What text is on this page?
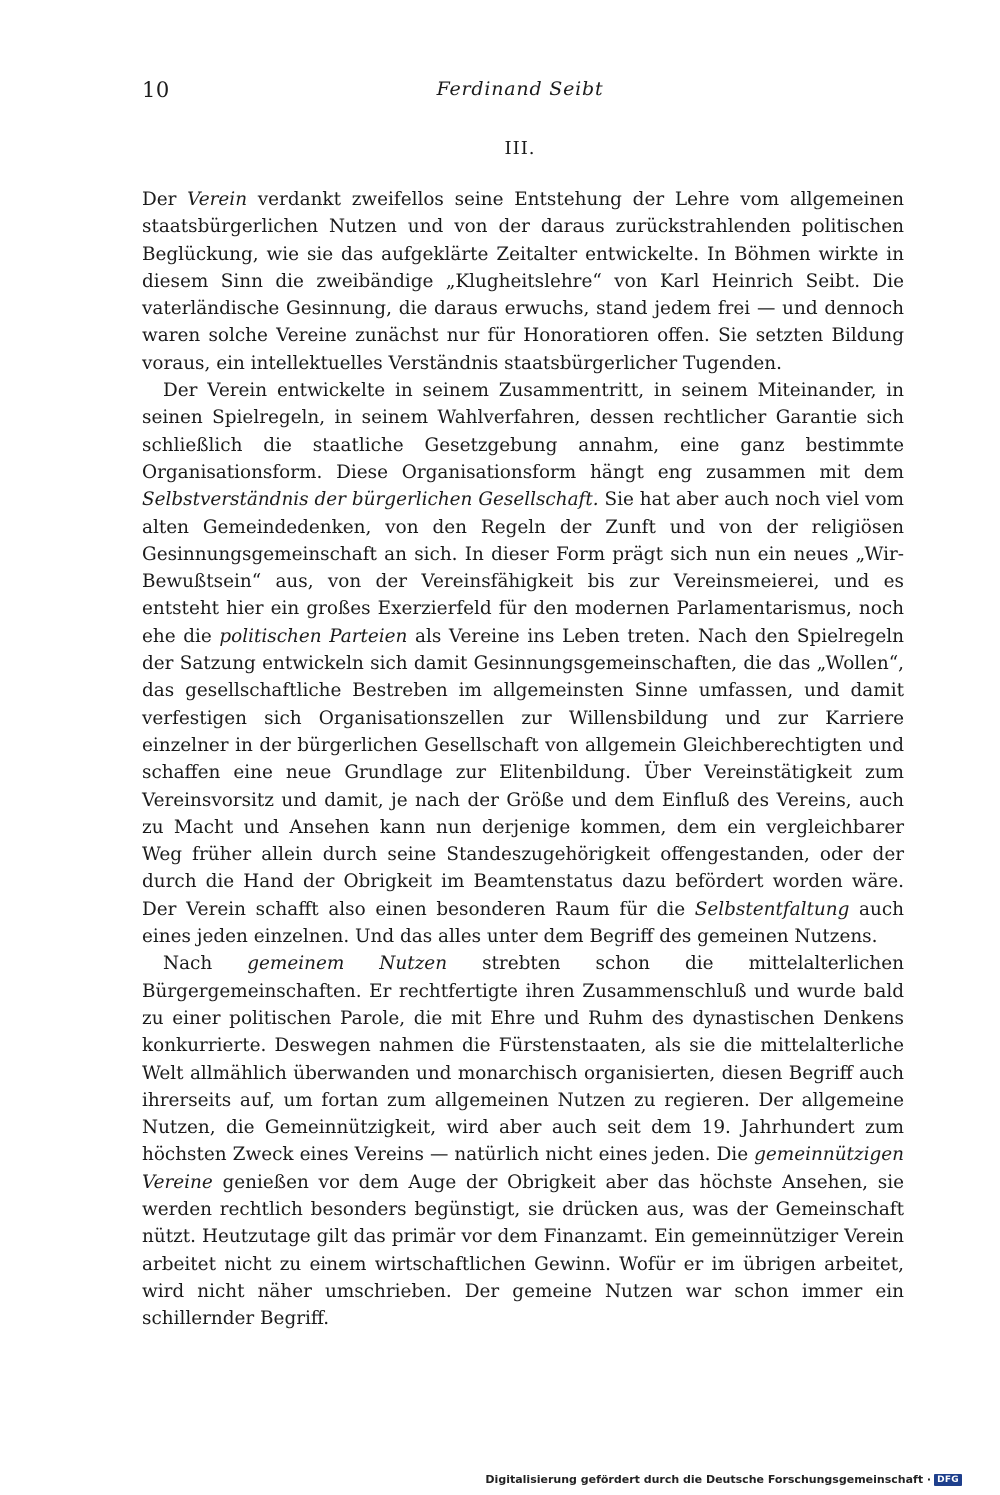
10	Ferdinand Seibt
III.

Der Verein verdankt zweifellos seine Entstehung der Lehre vom allgemeinen staatsbürgerlichen Nutzen und von der daraus zurückstrahlenden politischen Beglückung, wie sie das aufgeklärte Zeitalter entwickelte. In Böhmen wirkte in diesem Sinn die zweibändige „Klugheitslehre“ von Karl Heinrich Seibt. Die vaterländische Gesinnung, die daraus erwuchs, stand jedem frei — und dennoch waren solche Vereine zunächst nur für Honoratioren offen. Sie setzten Bildung voraus, ein intellektuelles Verständnis staatsbürgerlicher Tugenden.

Der Verein entwickelte in seinem Zusammentritt, in seinem Miteinander, in seinen Spielregeln, in seinem Wahlverfahren, dessen rechtlicher Garantie sich schließlich die staatliche Gesetzgebung annahm, eine ganz bestimmte Organisationsform. Diese Organisationsform hängt eng zusammen mit dem Selbstverständnis der bürgerlichen Gesellschaft. Sie hat aber auch noch viel vom alten Gemeindedenken, von den Regeln der Zunft und von der religiösen Gesinnungsgemeinschaft an sich. In dieser Form prägt sich nun ein neues „Wir-Bewußtsein“ aus, von der Vereinsfähigkeit bis zur Vereinsmeierei, und es entsteht hier ein großes Exerzierfeld für den modernen Parlamentarismus, noch ehe die politischen Parteien als Vereine ins Leben treten. Nach den Spielregeln der Satzung entwickeln sich damit Gesinnungsgemeinschaften, die das „Wollen“, das gesellschaftliche Bestreben im allgemeinsten Sinne umfassen, und damit verfestigen sich Organisationszellen zur Willensbildung und zur Karriere einzelner in der bürgerlichen Gesellschaft von allgemein Gleichberechtigten und schaffen eine neue Grundlage zur Elitenbildung. Über Vereinstätigkeit zum Vereinsvorsitz und damit, je nach der Größe und dem Einfluß des Vereins, auch zu Macht und Ansehen kann nun derjenige kommen, dem ein vergleichbarer Weg früher allein durch seine Standeszugehörigkeit offengestanden, oder der durch die Hand der Obrigkeit im Beamtenstatus dazu befördert worden wäre. Der Verein schafft also einen besonderen Raum für die Selbstentfaltung auch eines jeden einzelnen. Und das alles unter dem Begriff des gemeinen Nutzens.

Nach gemeinem Nutzen strebten schon die mittelalterlichen Bürgergemeinschaften. Er rechtfertigte ihren Zusammenschluß und wurde bald zu einer politischen Parole, die mit Ehre und Ruhm des dynastischen Denkens konkurrierte. Deswegen nahmen die Fürstenstaaten, als sie die mittelalterliche Welt allmählich überwanden und monarchisch organisierten, diesen Begriff auch ihrerseits auf, um fortan zum allgemeinen Nutzen zu regieren. Der allgemeine Nutzen, die Gemeinnützigkeit, wird aber auch seit dem 19. Jahrhundert zum höchsten Zweck eines Vereins — natürlich nicht eines jeden. Die gemeinnützigen Vereine genießen vor dem Auge der Obrigkeit aber das höchste Ansehen, sie werden rechtlich besonders begünstigt, sie drücken aus, was der Gemeinschaft nützt. Heutzutage gilt das primär vor dem Finanzamt. Ein gemeinnütziger Verein arbeitet nicht zu einem wirtschaftlichen Gewinn. Wofür er im übrigen arbeitet, wird nicht näher umschrieben. Der gemeine Nutzen war schon immer ein schillernder Begriff.

Digitalisierung gefördert durch die Deutsche Forschungsgemeinschaft · DFG
